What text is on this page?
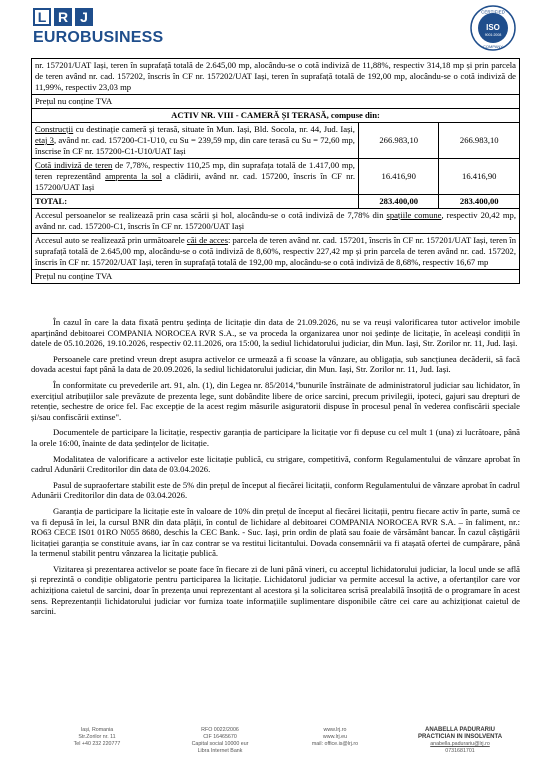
L R J
EUROBUSINESS
CERTIFIED
ISO
9001:2008
COMPANY
nr. 157201/UAT Iași, teren în suprafață totală de 2.645,00 mp, alocându-se o cotă indiviză de 11,88%, respectiv 314,18 mp și prin parcela de teren având nr. cad. 157202, înscris în CF nr. 157202/UAT Iași, teren în suprafață totală de 192,00 mp, alocându-se o cotă indiviză de 11,99%, respectiv 23,03 mp		
Prețul nu conține TVA		
ACTIV NR. VIII - CAMERĂ ȘI TERASĂ, compuse din:		
Construcții cu destinație cameră și terasă, situate în Mun. Iași, Bld. Socola, nr. 44, Jud. Iași, etaj 3, având nr. cad. 157200-C1-U10, cu Su = 239,59 mp, din care terasă cu Su = 72,60 mp, înscrise în CF nr. 157200-C1-U10/UAT Iași	266.983,10	266.983,10
Cotă indiviză de teren de 7,78%, respectiv 110,25 mp, din suprafața totală de 1.417,00 mp, teren reprezentând amprenta la sol a clădirii, având nr. cad. 157200, înscris în CF nr. 157200/UAT Iași	16.416,90	16.416,90
TOTAL:	283.400,00	283.400,00
Accesul persoanelor se realizează prin casa scării și hol, alocându-se o cotă indiviză de 7,78% din spațiile comune, respectiv 20,42 mp, având nr. cad. 157200-C1, înscris în CF nr. 157200/UAT Iași		
Accesul auto se realizează prin următoarele căi de acces: parcela de teren având nr. cad. 157201, înscris în CF nr. 157201/UAT Iași, teren în suprafață totală de 2.645,00 mp, alocându-se o cotă indiviză de 8,60%, respectiv 227,42 mp și prin parcela de teren având nr. cad. 157202, înscris în CF nr. 157202/UAT Iași, teren în suprafață totală de 192,00 mp, alocându-se o cotă indiviză de 8,68%, respectiv 16,67 mp		
Prețul nu conține TVA		

În cazul în care la data fixată pentru ședința de licitație din data de 21.09.2026, nu se va reuși valorificarea tutor activelor imobile aparținând debitoarei COMPANIA NOROCEA RVR S.A., se va proceda la organizarea unor noi ședințe de licitație, în aceleași condiții în datele de 05.10.2026, 19.10.2026, respectiv 02.11.2026, ora 15:00, la sediul lichidatorului judiciar, din Mun. Iași, Str. Zorilor nr. 11, Jud. Iași.

Persoanele care pretind vreun drept asupra activelor ce urmează a fi scoase la vânzare, au obligația, sub sancțiunea decăderii, să facă dovada acestui fapt până la data de 20.09.2026, la sediul lichidatorului judiciar, din Mun. Iași, Str. Zorilor nr. 11, Jud. Iași.

În conformitate cu prevederile art. 91, aln. (1), din Legea nr. 85/2014,"bunurile înstrăinate de administratorul judiciar sau lichidator, în exercițiul atribuțiilor sale prevăzute de prezenta lege, sunt dobândite libere de orice sarcini, precum privilegii, ipoteci, gajuri sau drepturi de retenție, sechestre de orice fel. Fac excepție de la acest regim măsurile asiguratorii dispuse în procesul penal în vederea confiscării speciale și/sau confiscării extinse".

Documentele de participare la licitație, respectiv garanția de participare la licitație vor fi depuse cu cel mult 1 (una) zi lucrătoare, până la orele 16:00, înainte de data ședințelor de licitație.

Modalitatea de valorificare a activelor este licitație publică, cu strigare, competitivă, conform Regulamentului de vânzare aprobat în cadrul Adunării Creditorilor din data de 03.04.2026.

Pasul de supraofertare stabilit este de 5% din prețul de început al fiecărei licitații, conform Regulamentului de vânzare aprobat în cadrul Adunării Creditorilor din data de 03.04.2026.

Garanția de participare la licitație este în valoare de 10% din prețul de început al fiecărei licitații, pentru fiecare activ în parte, sumă ce va fi depusă în lei, la cursul BNR din data plății, în contul de lichidare al debitoarei COMPANIA NOROCEA RVR S.A. – în faliment, nr.: RO63 CECE IS01 01RO N055 8680, deschis la CEC Bank. - Suc. Iași, prin ordin de plată sau foaie de vărsământ bancar. În cazul câștigării licitației garanția se constituie avans, iar în caz contrar se va restitui licitantului. Dovada consemnării va fi atașată ofertei de cumpărare, până la termenul stabilit pentru vânzarea la licitație publică.

Vizitarea și prezentarea activelor se poate face în fiecare zi de luni până vineri, cu acceptul lichidatorului judiciar, la locul unde se află și reprezintă o condiție obligatorie pentru participarea la licitație. Lichidatorul judiciar va permite accesul la active, a ofertanților care vor achiziționa caietul de sarcini, doar în prezența unui reprezentant al acestora și la solicitarea scrisă prealabilă însoțită de o programare în acest sens. Reprezentanții lichidatorului judiciar vor furniza toate informațiile suplimentare disponibile către cei care au achiziționat caietul de sarcini.

Iași, Romania
Str.Zorilor nr. 11
Tel +40 232 220777
RFO 0022/2006
CIF 16465670
Capital social 10000 eur
Libra Internet Bank
www.lrj.ro
www.lrj.eu
mail: office.is@lrj.ro
ANABELLA PADURARIU
PRACTICIAN IN INSOLVENTA
anabella.padurariu@lrj.ro
0731681701
